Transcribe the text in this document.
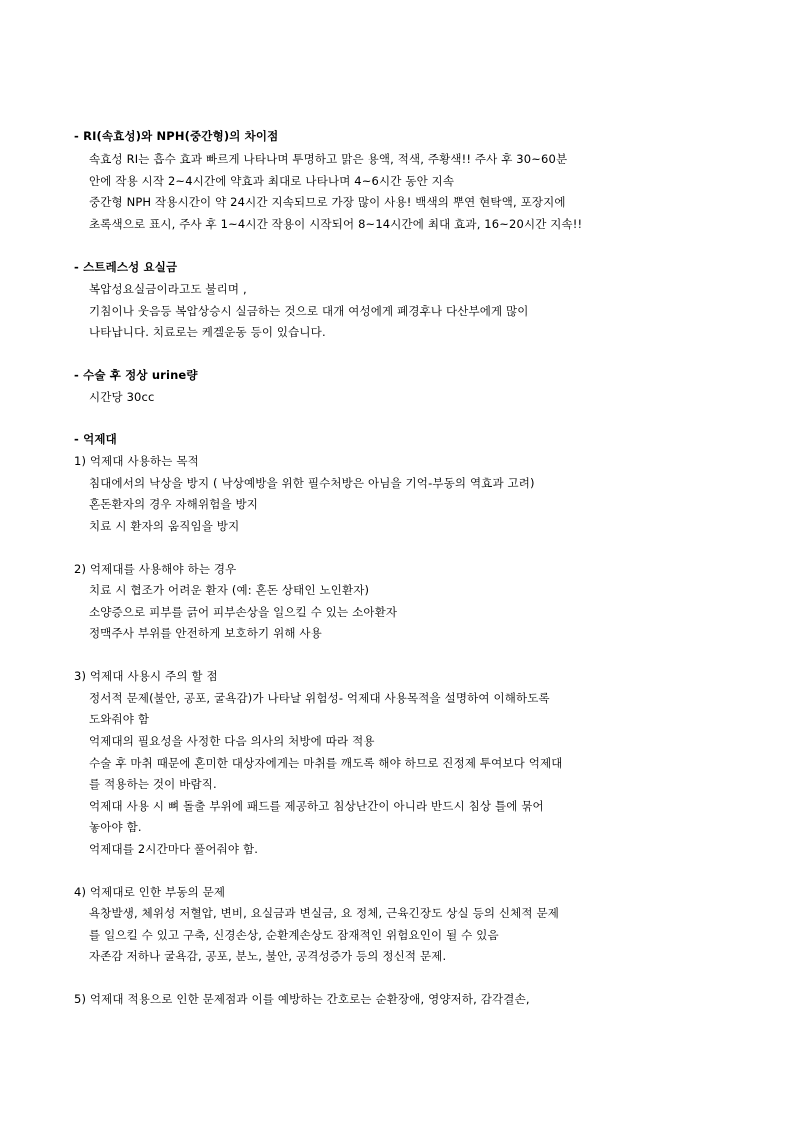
- RI(속효성)와 NPH(중간형)의 차이점
속효성 RI는 흡수 효과 빠르게 나타나며 투명하고 맑은 용액, 적색, 주황색!! 주사 후 30~60분
안에 작용 시작 2~4시간에 약효과 최대로 나타나며 4~6시간 동안 지속
중간형 NPH 작용시간이 약 24시간 지속되므로 가장 많이 사용! 백색의 뿌연 현탁액, 포장지에
초록색으로 표시, 주사 후 1~4시간 작용이 시작되어 8~14시간에 최대 효과, 16~20시간 지속!!
- 스트레스성 요실금
복압성요실금이라고도 불리며 ,
기침이나 웃음등 복압상승시 실금하는 것으로 대개 여성에게 폐경후나 다산부에게 많이
나타납니다. 치료로는 케겔운동 등이 있습니다.
- 수술 후 정상 urine량
시간당 30cc
- 억제대
1) 억제대 사용하는 목적
침대에서의 낙상을 방지 ( 낙상예방을 위한 필수처방은 아님을 기억-부동의 역효과 고려)
혼돈환자의 경우 자해위험을 방지
치료 시 환자의 움직임을 방지
2) 억제대를 사용해야 하는 경우
치료 시 협조가 어려운 환자 (예: 혼돈 상태인 노인환자)
소양증으로 피부를 긁어 피부손상을 일으킬 수 있는 소아환자
정맥주사 부위를 안전하게 보호하기 위해 사용
3) 억제대 사용시 주의 할 점
정서적 문제(불안, 공포, 굴욕감)가 나타날 위험성- 억제대 사용목적을 설명하여 이해하도록
도와줘야 함
억제대의 필요성을 사정한 다음 의사의 처방에 따라 적용
수술 후 마취 때문에 혼미한 대상자에게는 마취를 깨도록 해야 하므로 진정제 투여보다 억제대
를 적용하는 것이 바람직.
억제대 사용 시 뼈 돌출 부위에 패드를 제공하고 침상난간이 아니라 반드시 침상 틀에 묶어
놓아야 함.
억제대를 2시간마다 풀어줘야 함.
4) 억제대로 인한 부동의 문제
욕창발생, 체위성 저혈압, 변비, 요실금과 변실금, 요 정체, 근육긴장도 상실 등의 신체적 문제
를 일으킬 수 있고 구축, 신경손상, 순환계손상도 잠재적인 위험요인이 될 수 있음
자존감 저하나 굴욕감, 공포, 분노, 불안, 공격성증가 등의 정신적 문제.
5) 억제대 적용으로 인한 문제점과 이를 예방하는 간호로는 순환장애, 영양저하, 감각결손,
